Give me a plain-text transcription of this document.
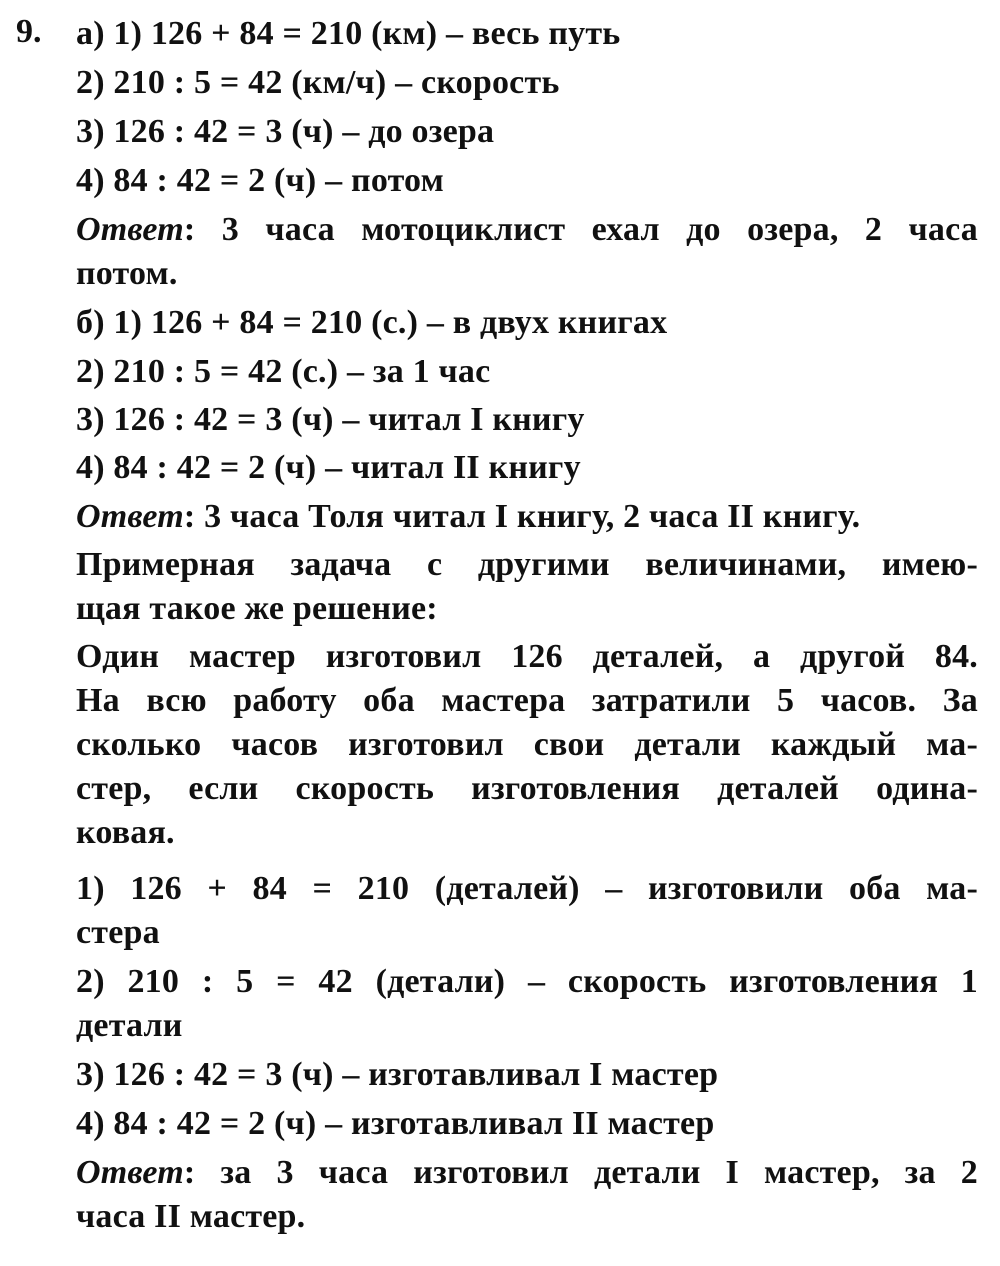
9. а) 1) 126 + 84 = 210 (км) – весь путь
2) 210 : 5 = 42 (км/ч) – скорость
3) 126 : 42 = 3 (ч) – до озера
4) 84 : 42 = 2 (ч) – потом
Ответ: 3 часа мотоциклист ехал до озера, 2 часа
потом.
б) 1) 126 + 84 = 210 (с.) – в двух книгах
2) 210 : 5 = 42 (с.) – за 1 час
3) 126 : 42 = 3 (ч) – читал I книгу
4) 84 : 42 = 2 (ч) – читал II книгу
Ответ: 3 часа Толя читал I книгу, 2 часа II книгу.
Примерная задача с другими величинами, имею-
щая такое же решение:
Один мастер изготовил 126 деталей, а другой 84.
На всю работу оба мастера затратили 5 часов. За
сколько часов изготовил свои детали каждый ма-
стер, если скорость изготовления деталей одина-
ковая.
1) 126 + 84 = 210 (деталей) – изготовили оба ма-
стера
2) 210 : 5 = 42 (детали) – скорость изготовления 1
детали
3) 126 : 42 = 3 (ч) – изготавливал I мастер
4) 84 : 42 = 2 (ч) – изготавливал II мастер
Ответ: за 3 часа изготовил детали I мастер, за 2
часа II мастер.
